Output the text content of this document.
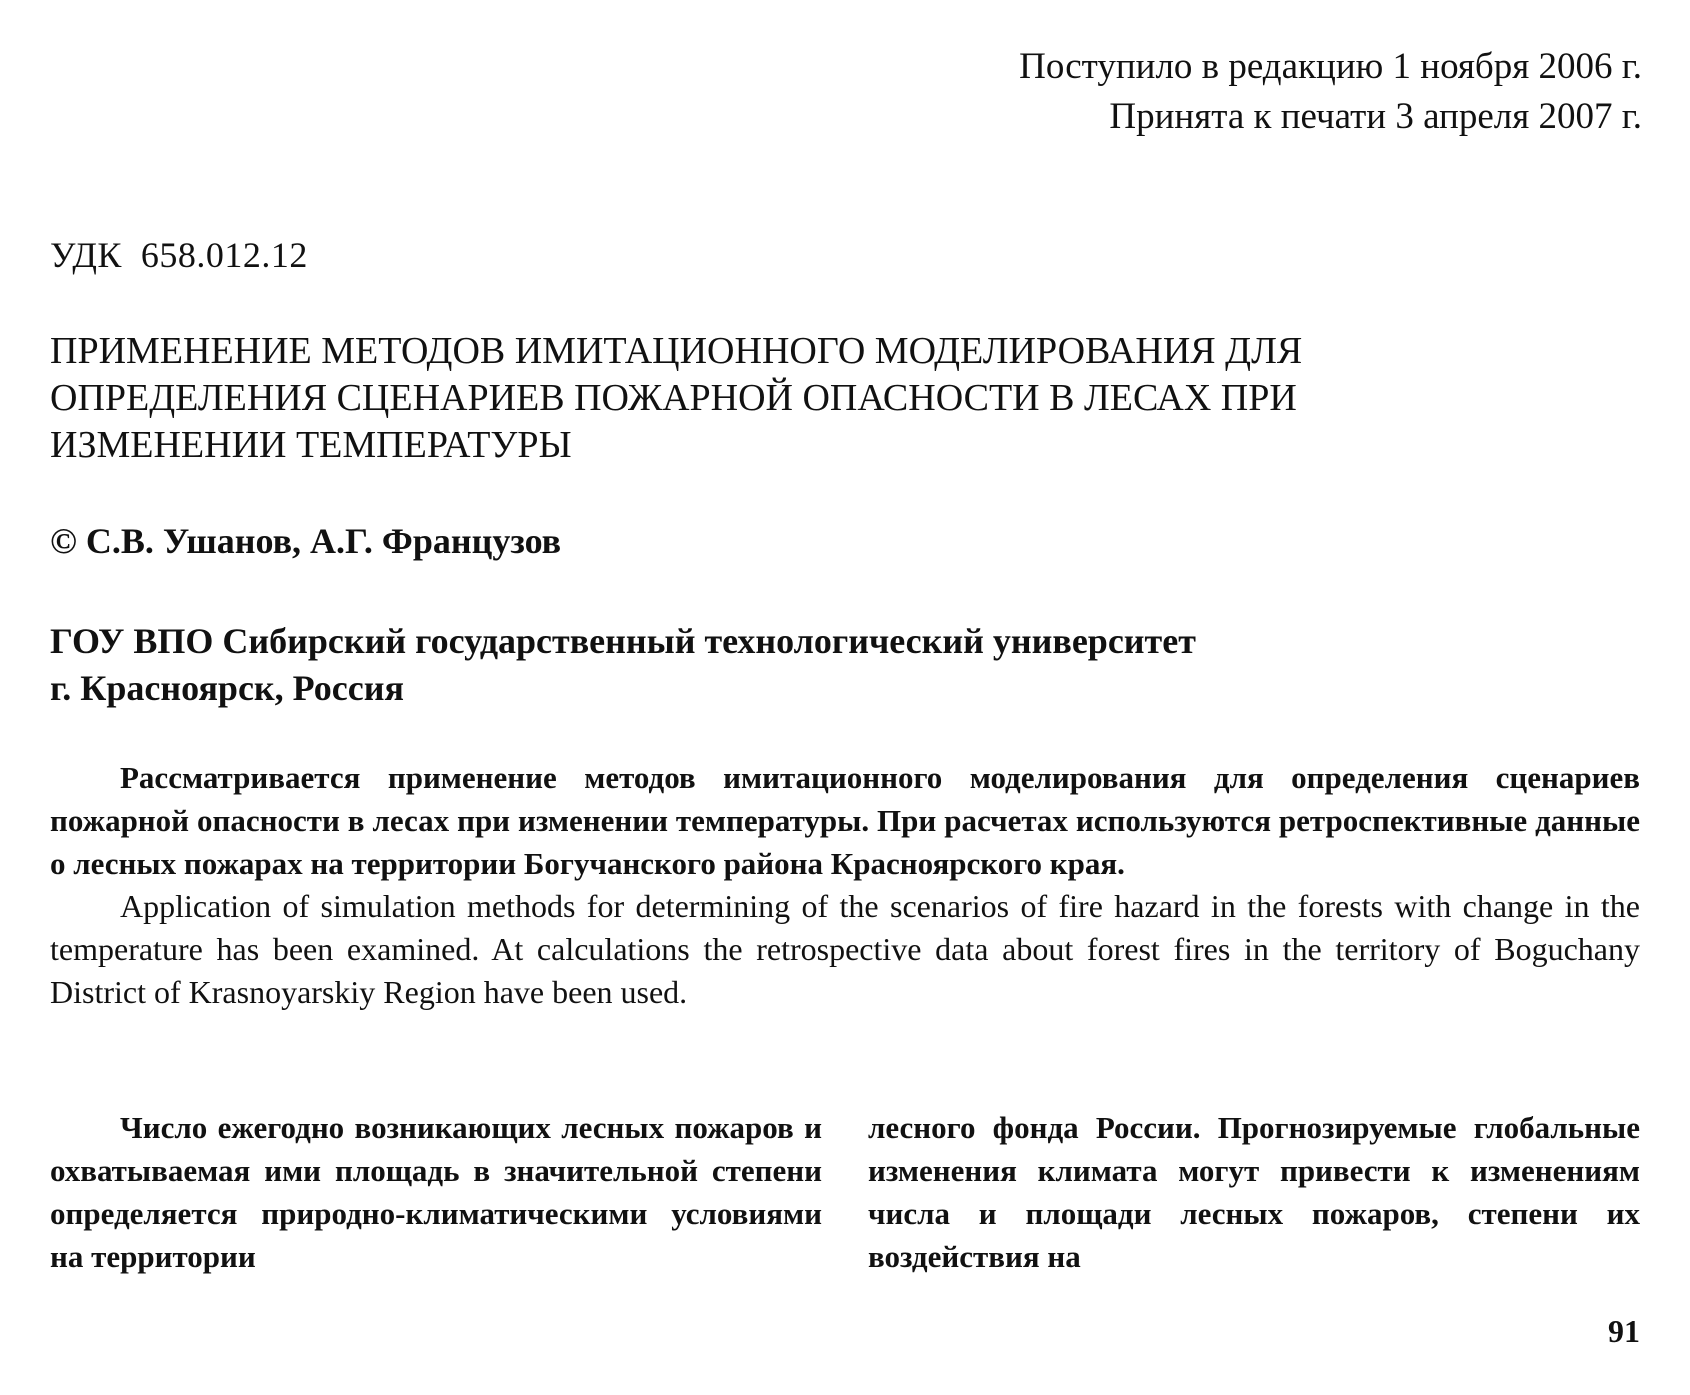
Поступило в редакцию 1 ноября 2006 г.
Принята к печати 3 апреля 2007 г.
УДК  658.012.12
ПРИМЕНЕНИЕ МЕТОДОВ ИМИТАЦИОННОГО МОДЕЛИРОВАНИЯ ДЛЯ ОПРЕДЕЛЕНИЯ СЦЕНАРИЕВ ПОЖАРНОЙ ОПАСНОСТИ В ЛЕСАХ ПРИ ИЗМЕНЕНИИ ТЕМПЕРАТУРЫ
© С.В. Ушанов, А.Г. Французов
ГОУ ВПО Сибирский государственный технологический университет
г. Красноярск, Россия

Рассматривается применение методов имитационного моделирования для определения сценариев пожарной опасности в лесах при изменении температуры. При расчетах используются ретроспективные данные о лесных пожарах на территории Богучанского района Красноярского края.

Application of simulation methods for determining of the scenarios of fire hazard in the forests with change in the temperature has been examined. At calculations the retrospective data about forest fires in the territory of Boguchany District of Krasnoyarskiy Region have been used.

Число ежегодно возникающих лесных пожаров и охватываемая ими площадь в значительной степени определяется природно-климатическими условиями на территории
лесного фонда России. Прогнозируемые глобальные изменения климата могут привести к изменениям числа и площади лесных пожаров, степени их воздействия на
91
